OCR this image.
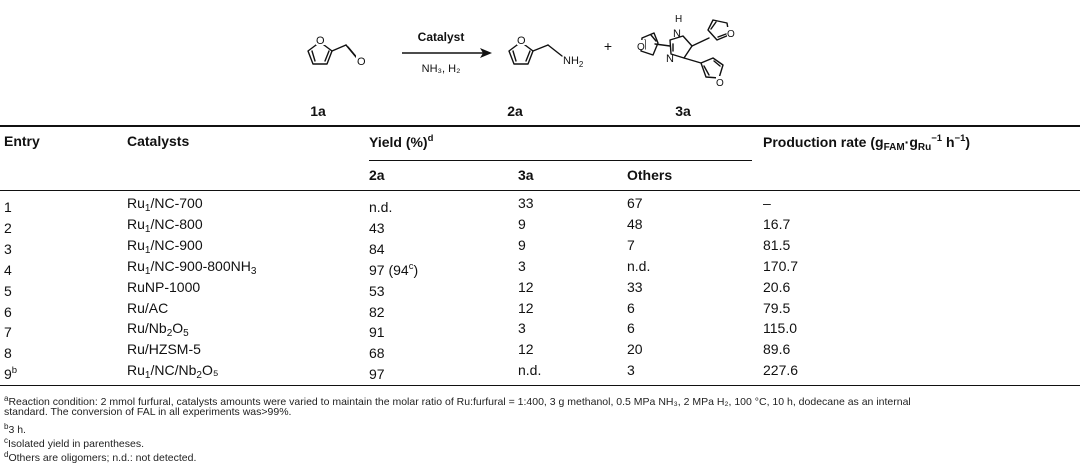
O
O
O
$NH_2$
N
H
N
O
O
O
Catalyst
NH₃, H₂
+
1a	2a	3a
Entry	Catalysts	Yield (%)$^d$	Production rate ($g_{FAM}\cdot g_{Ru}^{-1}$ $h^{-1}$)
2a	3a	Others
1	$Ru_1/NC-700$	n.d.	33	67	–
2	$Ru_1/NC-800$	43	9	48	16.7
3	$Ru_1/NC-900$	84	9	7	81.5
4	$Ru_1/NC-900-800NH_3$	97 (94$^c$)	3	n.d.	170.7
5	RuNP-1000	53	12	33	20.6
6	Ru/AC	82	12	6	79.5
7	$Ru/Nb_2O_5$	91	3	6	115.0
8	Ru/HZSM-5	68	12	20	89.6
9$^b$	$Ru_1/NC/Nb_2O_5$	97	n.d.	3	227.6
$^a$Reaction condition: 2 mmol furfural, catalysts amounts were varied to maintain the molar ratio of Ru:furfural = 1:400, 3 g methanol, 0.5 MPa NH₃, 2 MPa H₂, 100 °C, 10 h, dodecane as an internal
standard. The conversion of FAL in all experiments was>99%.
$^b$3 h.
$^c$Isolated yield in parentheses.
$^d$Others are oligomers; n.d.: not detected.
